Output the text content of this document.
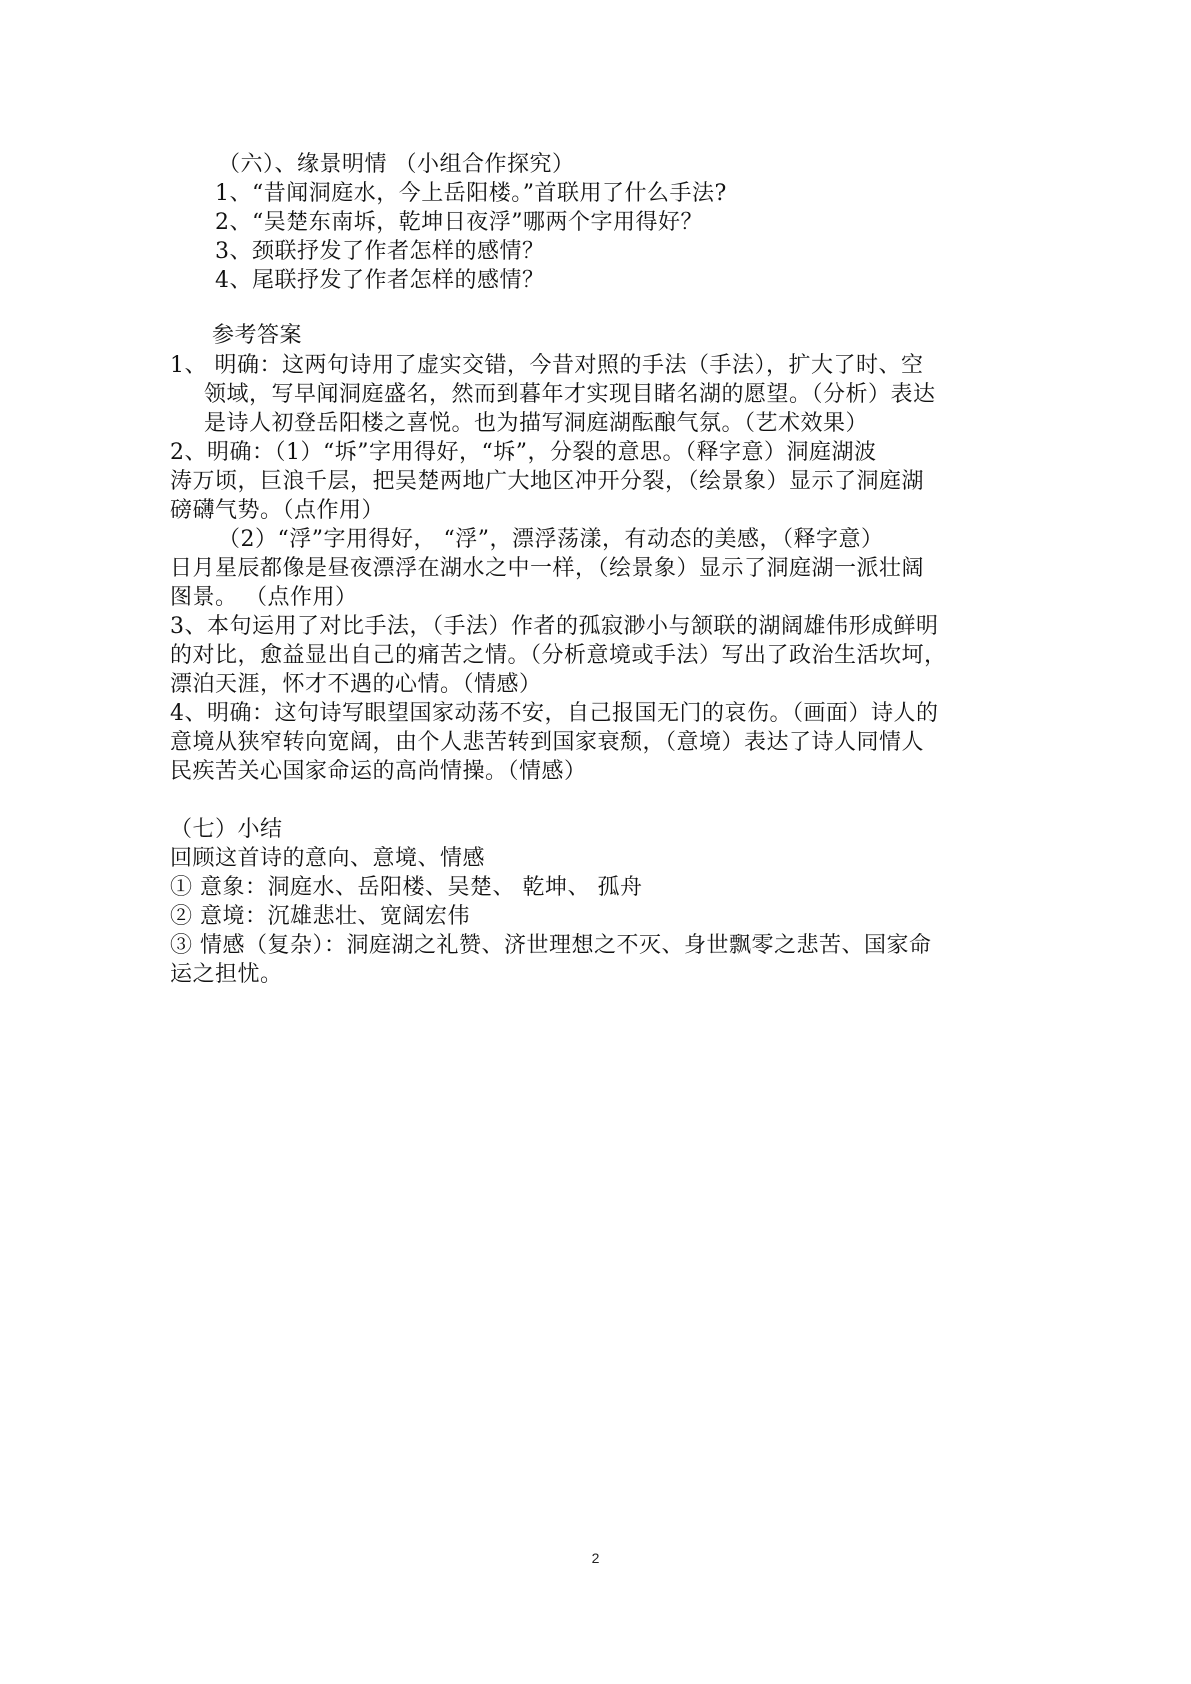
（六）、缘景明情 （小组合作探究）
1、“昔闻洞庭水，今上岳阳楼。”首联用了什么手法?
2、“吴楚东南坼，乾坤日夜浮”哪两个字用得好？
3、颈联抒发了作者怎样的感情？
4、尾联抒发了作者怎样的感情？
参考答案
1、 明确：这两句诗用了虚实交错，今昔对照的手法（手法），扩大了时、空
领域，写早闻洞庭盛名，然而到暮年才实现目睹名湖的愿望。（分析）表达
是诗人初登岳阳楼之喜悦。也为描写洞庭湖酝酿气氛。（艺术效果）
2、明确：（1）“坼”字用得好，“坼”，分裂的意思。（释字意）洞庭湖波
涛万顷，巨浪千层，把吴楚两地广大地区冲开分裂，（绘景象）显示了洞庭湖
磅礴气势。（点作用）
（2）“浮”字用得好， “浮”，漂浮荡漾，有动态的美感，（释字意）
日月星辰都像是昼夜漂浮在湖水之中一样，（绘景象）显示了洞庭湖一派壮阔
图景。 （点作用）
3、本句运用了对比手法，（手法）作者的孤寂渺小与颔联的湖阔雄伟形成鲜明
的对比，愈益显出自己的痛苦之情。（分析意境或手法）写出了政治生活坎坷，
漂泊天涯，怀才不遇的心情。（情感）
4、明确：这句诗写眼望国家动荡不安，自己报国无门的哀伤。（画面）诗人的
意境从狭窄转向宽阔，由个人悲苦转到国家衰颓，（意境）表达了诗人同情人
民疾苦关心国家命运的高尚情操。（情感）
（七）小结
回顾这首诗的意向、意境、情感
① 意象：洞庭水、岳阳楼、吴楚、 乾坤、 孤舟
② 意境：沉雄悲壮、宽阔宏伟
③ 情感（复杂）：洞庭湖之礼赞、济世理想之不灭、身世飘零之悲苦、国家命
运之担忧。
2
